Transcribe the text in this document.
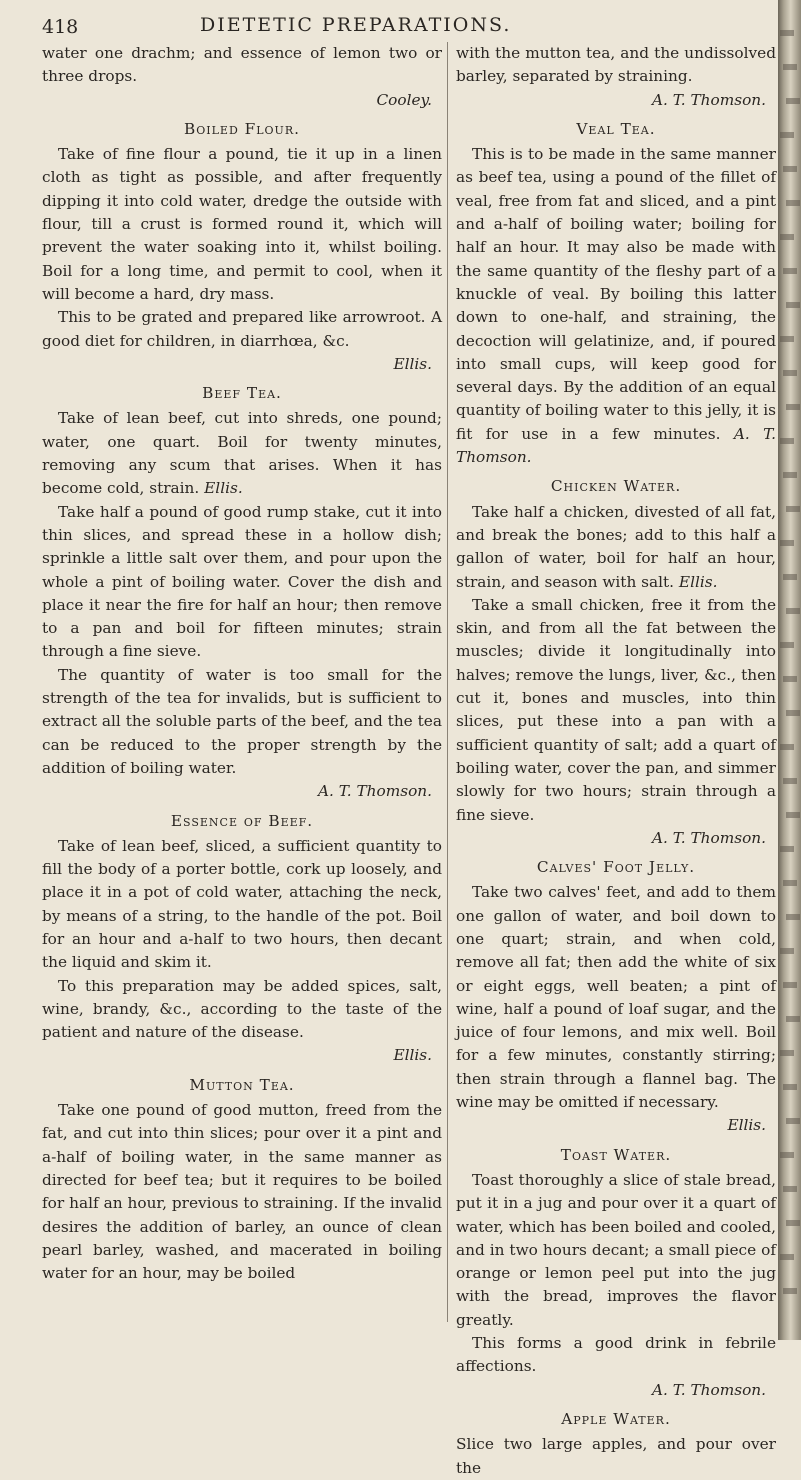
418	DIETETIC PREPARATIONS.

water one drachm; and essence of lemon two or three drops.
Cooley.

Boiled Flour.

Take of fine flour a pound, tie it up in a linen cloth as tight as possible, and after frequently dipping it into cold water, dredge the outside with flour, till a crust is formed round it, which will prevent the water soaking into it, whilst boiling. Boil for a long time, and permit to cool, when it will become a hard, dry mass.

This to be grated and prepared like arrowroot. A good diet for children, in diarrhœa, &c.
Ellis.

Beef Tea.

Take of lean beef, cut into shreds, one pound; water, one quart. Boil for twenty minutes, removing any scum that arises. When it has become cold, strain. Ellis.

Take half a pound of good rump stake, cut it into thin slices, and spread these in a hollow dish; sprinkle a little salt over them, and pour upon the whole a pint of boiling water. Cover the dish and place it near the fire for half an hour; then remove to a pan and boil for fifteen minutes; strain through a fine sieve.

The quantity of water is too small for the strength of the tea for invalids, but is sufficient to extract all the soluble parts of the beef, and the tea can be reduced to the proper strength by the addition of boiling water.
A. T. Thomson.

Essence of Beef.

Take of lean beef, sliced, a sufficient quantity to fill the body of a porter bottle, cork up loosely, and place it in a pot of cold water, attaching the neck, by means of a string, to the handle of the pot. Boil for an hour and a-half to two hours, then decant the liquid and skim it.

To this preparation may be added spices, salt, wine, brandy, &c., according to the taste of the patient and nature of the disease.
Ellis.

Mutton Tea.

Take one pound of good mutton, freed from the fat, and cut into thin slices; pour over it a pint and a-half of boiling water, in the same manner as directed for beef tea; but it requires to be boiled for half an hour, previous to straining. If the invalid desires the addition of barley, an ounce of clean pearl barley, washed, and macerated in boiling water for an hour, may be boiled

with the mutton tea, and the undissolved barley, separated by straining.
A. T. Thomson.

Veal Tea.

This is to be made in the same manner as beef tea, using a pound of the fillet of veal, free from fat and sliced, and a pint and a-half of boiling water; boiling for half an hour. It may also be made with the same quantity of the fleshy part of a knuckle of veal. By boiling this latter down to one-half, and straining, the decoction will gelatinize, and, if poured into small cups, will keep good for several days. By the addition of an equal quantity of boiling water to this jelly, it is fit for use in a few minutes. A. T. Thomson.

Chicken Water.

Take half a chicken, divested of all fat, and break the bones; add to this half a gallon of water, boil for half an hour, strain, and season with salt. Ellis.

Take a small chicken, free it from the skin, and from all the fat between the muscles; divide it longitudinally into halves; remove the lungs, liver, &c., then cut it, bones and muscles, into thin slices, put these into a pan with a sufficient quantity of salt; add a quart of boiling water, cover the pan, and simmer slowly for two hours; strain through a fine sieve.
A. T. Thomson.

Calves' Foot Jelly.

Take two calves' feet, and add to them one gallon of water, and boil down to one quart; strain, and when cold, remove all fat; then add the white of six or eight eggs, well beaten; a pint of wine, half a pound of loaf sugar, and the juice of four lemons, and mix well. Boil for a few minutes, constantly stirring; then strain through a flannel bag. The wine may be omitted if necessary.
Ellis.

Toast Water.

Toast thoroughly a slice of stale bread, put it in a jug and pour over it a quart of water, which has been boiled and cooled, and in two hours decant; a small piece of orange or lemon peel put into the jug with the bread, improves the flavor greatly.

This forms a good drink in febrile affections.
A. T. Thomson.

Apple Water.

Slice two large apples, and pour over the
